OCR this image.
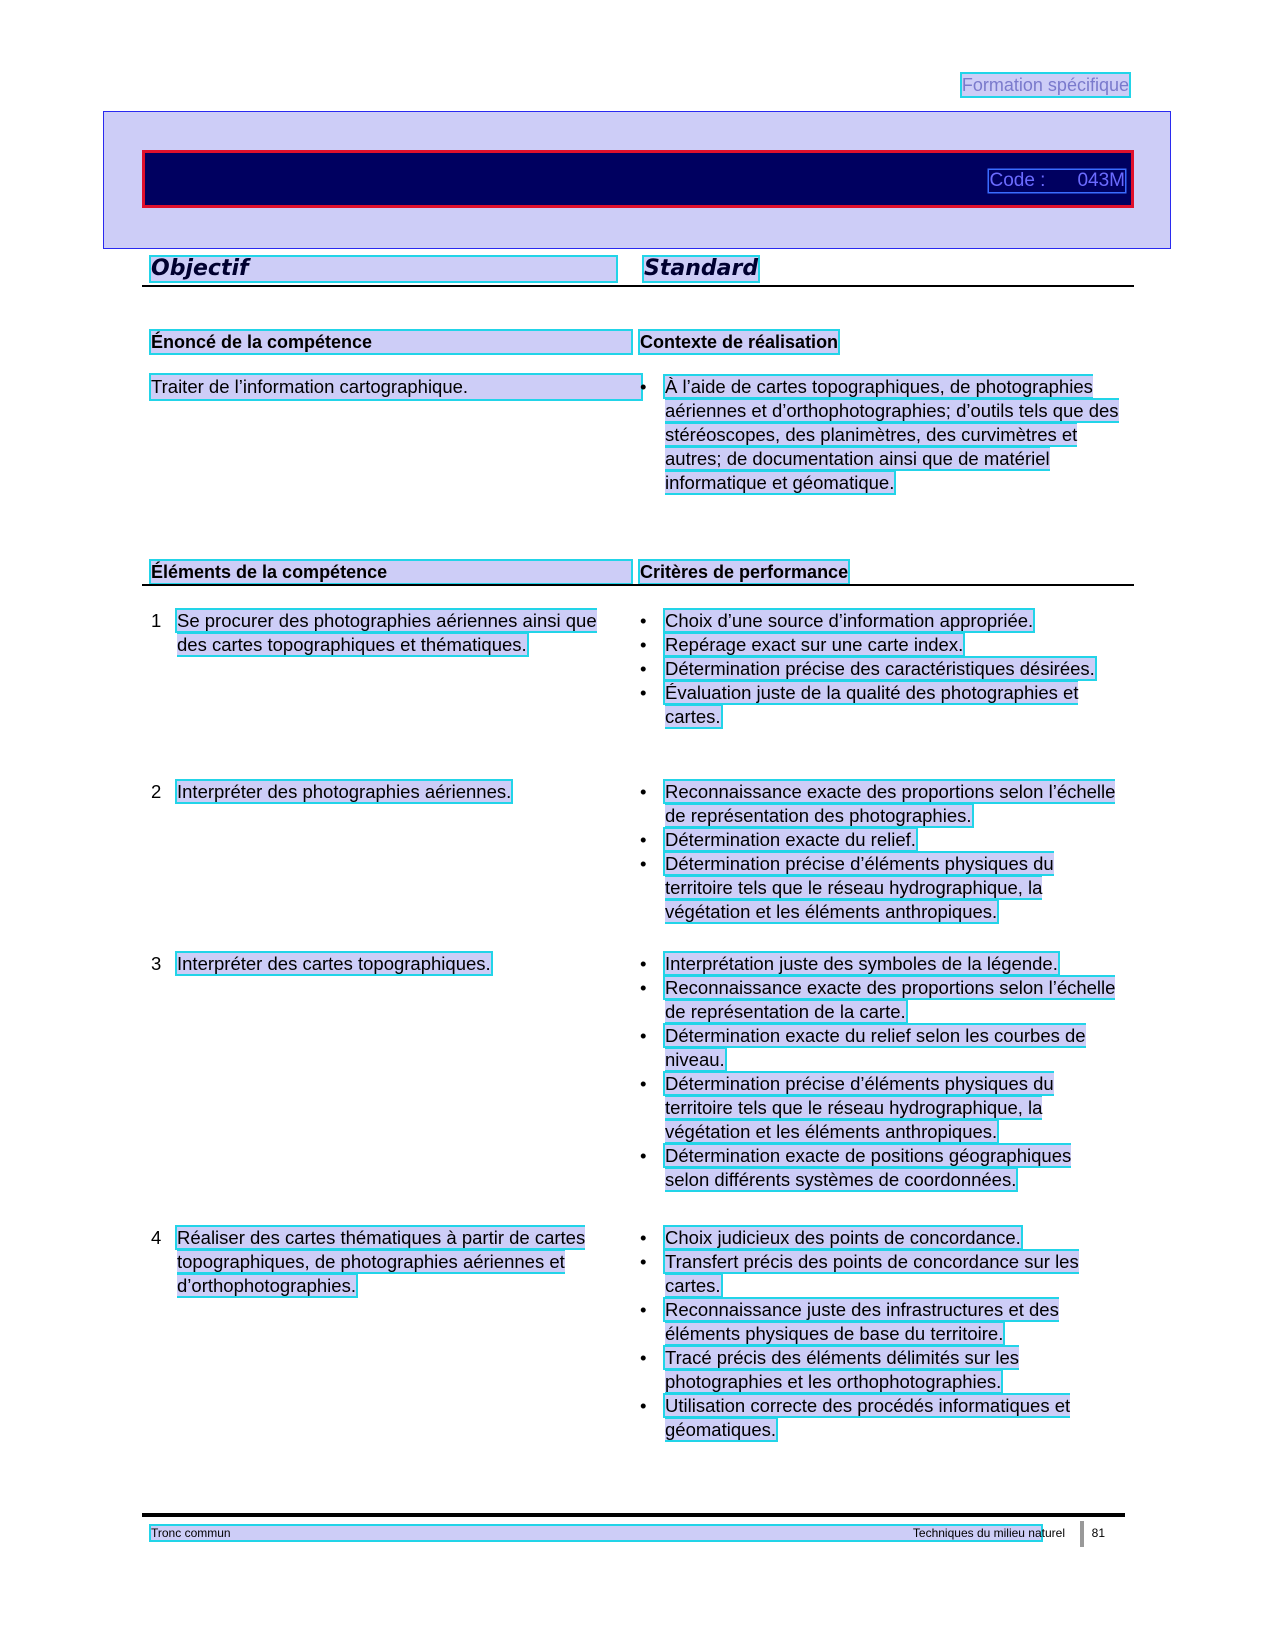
Formation spécifique
Code : 043M
Objectif	Standard
Énoncé de la compétence	Contexte de réalisation
Traiter de l’information cartographique.	• À l’aide de cartes topographiques, de photographies aériennes et d’orthophotographies; d’outils tels que des stéréoscopes, des planimètres, des curvimètres et autres; de documentation ainsi que de matériel informatique et géomatique.
Éléments de la compétence	Critères de performance
1 Se procurer des photographies aériennes ainsi que des cartes topographiques et thématiques.
• Choix d’une source d’information appropriée.
• Repérage exact sur une carte index.
• Détermination précise des caractéristiques désirées.
• Évaluation juste de la qualité des photographies et cartes.
2 Interpréter des photographies aériennes.	• Reconnaissance exacte des proportions selon l’échelle de représentation des photographies.
• Détermination exacte du relief.
• Détermination précise d’éléments physiques du territoire tels que le réseau hydrographique, la végétation et les éléments anthropiques.
3 Interpréter des cartes topographiques.	• Interprétation juste des symboles de la légende.
• Reconnaissance exacte des proportions selon l’échelle de représentation de la carte.
• Détermination exacte du relief selon les courbes de niveau.
• Détermination précise d’éléments physiques du territoire tels que le réseau hydrographique, la végétation et les éléments anthropiques.
• Détermination exacte de positions géographiques selon différents systèmes de coordonnées.
4 Réaliser des cartes thématiques à partir de cartes topographiques, de photographies aériennes et d’orthophotographies.
• Choix judicieux des points de concordance.
• Transfert précis des points de concordance sur les cartes.
• Reconnaissance juste des infrastructures et des éléments physiques de base du territoire.
• Tracé précis des éléments délimités sur les photographies et les orthophotographies.
• Utilisation correcte des procédés informatiques et géomatiques.
Tronc commun	Techniques du milieu naturel 81
